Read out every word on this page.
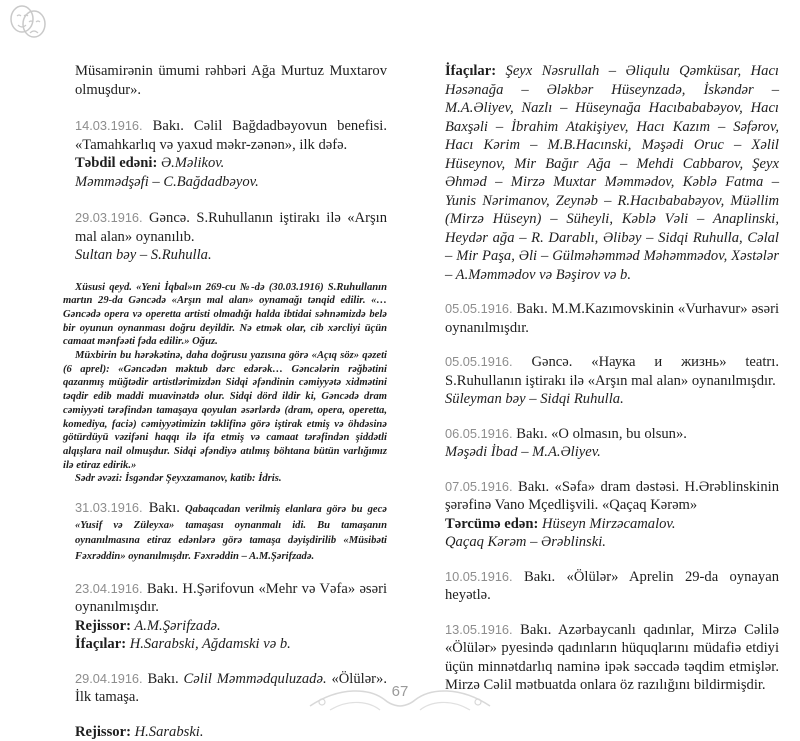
Müsamirənin ümumi rəhbəri Ağa Murtuz Muxtarov olmuşdur».

14.03.1916. Bakı. Cəlil Bağdadbəyovun benefisi. «Tamahkarlıq və yaxud məkr-zənən», ilk dəfə.

Təbdil edəni: Ə.Məlikov.

Məmmədşəfi – C.Bağdadbəyov.

29.03.1916. Gəncə. S.Ruhullanın iştirakı ilə «Arşın mal alan» oynanılıb.

Sultan bəy – S.Ruhulla.

Xüsusi qeyd. «Yeni İqbal»ın 269-cu №-də (30.03.1916) S.Ruhullanın martın 29-da Gəncədə «Arşın mal alan» oynamağı tənqid edilir. «…Gəncədə opera və operetta artisti olmadığı halda ibtidai səhnəmizdə belə bir oyunun oynanması doğru deyildir. Nə etmək olar, cib xərcliyi üçün camaat mənfəəti fəda edilir.» Oğuz.

Müxbirin bu hərəkətinə, daha doğrusu yazısına görə «Açıq söz» qəzeti (6 aprel): «Gəncədən məktub dərc edərək… Gəncələrin rəğbətini qazanmış müğtədir artistlərimizdən Sidqi əfəndinin cəmiyyətə xidmətini təqdir edib maddi muavinətdə olur. Sidqi dörd ildir ki, Gəncədə dram cəmiyyəti tərəfindən tamaşaya qoyulan əsərlərdə (dram, opera, operetta, komediya, faciə) cəmiyyətimizin təklifinə görə iştirak etmiş və öhdəsinə götürdüyü vəzifəni haqqı ilə ifa etmiş və camaat tərəfindən şiddətli alqışlara nail olmuşdur. Sidqi əfəndiyə atılmış böhtana bütün varlığımız ilə etiraz edirik.»

Sədr əvəzi: İsgəndər Şeyxzamanov, katib: İdris.

31.03.1916. Bakı. Qabaqcadan verilmiş elanlara görə bu gecə «Yusif və Züleyxa» tamaşası oynanmalı idi. Bu tamaşanın oynanılmasına etiraz edənlərə görə tamaşa dəyişdirilib «Müsibəti Fəxrəddin» oynanılmışdır. Fəxrəddin – A.M.Şərifzadə.

23.04.1916. Bakı. H.Şərifovun «Mehr və Vəfa» əsəri oynanılmışdır.

Rejissor: A.M.Şərifzadə.

İfaçılar: H.Sarabski, Ağdamski və b.

29.04.1916. Bakı. Cəlil Məmmədquluzadə. «Ölülər». İlk tamaşa.

Rejissor: H.Sarabski.

İfaçılar: Şeyx Nəsrullah – Əliqulu Qəmküsar, Hacı Həsənağa – Ələkbər Hüseynzadə, İskəndər – M.A.Əliyev, Nazlı – Hüseynağa Hacıbababəyov, Hacı Baxşəli – İbrahim Atakişiyev, Hacı Kazım – Səfərov, Hacı Kərim – M.B.Hacınski, Məşədi Oruc – Xəlil Hüseynov, Mir Bağır Ağa – Mehdi Cabbarov, Şeyx Əhməd – Mirzə Muxtar Məmmədov, Kəblə Fatma – Yunis Nərimanov, Zeynəb – R.Hacıbababəyov, Müəllim (Mirzə Hüseyn) – Süheyli, Kəblə Vəli – Anaplinski, Heydər ağa – R. Darablı, Əlibəy – Sidqi Ruhulla, Cəlal – Mir Paşa, Əli – Gülməhəmməd Məhəmmədov, Xəstələr – A.Məmmədov və Bəşirov və b.

05.05.1916. Bakı. M.M.Kazımovskinin «Vurhavur» əsəri oynanılmışdır.

05.05.1916. Gəncə. «Наука и жизнь» teatrı. S.Ruhullanın iştirakı ilə «Arşın mal alan» oynanılmışdır.

Süleyman bəy – Sidqi Ruhulla.

06.05.1916. Bakı. «O olmasın, bu olsun».

Məşədi İbad – M.A.Əliyev.

07.05.1916. Bakı. «Səfa» dram dəstəsi. H.Ərəblinskinin şərəfinə Vano Mçedlişvili. «Qaçaq Kərəm»

Tərcümə edən: Hüseyn Mirzəcamalov.

Qaçaq Kərəm – Ərəblinski.

10.05.1916. Bakı. «Ölülər» Aprelin 29-da oynayan heyətlə.

13.05.1916. Bakı. Azərbaycanlı qadınlar, Mirzə Cəlilə «Ölülər» pyesində qadınların hüquqlarını müdafiə etdiyi üçün minnətdarlıq naminə ipək səccadə təqdim etmişlər. Mirzə Cəlil mətbuatda onlara öz razılığını bildirmişdir.

67
